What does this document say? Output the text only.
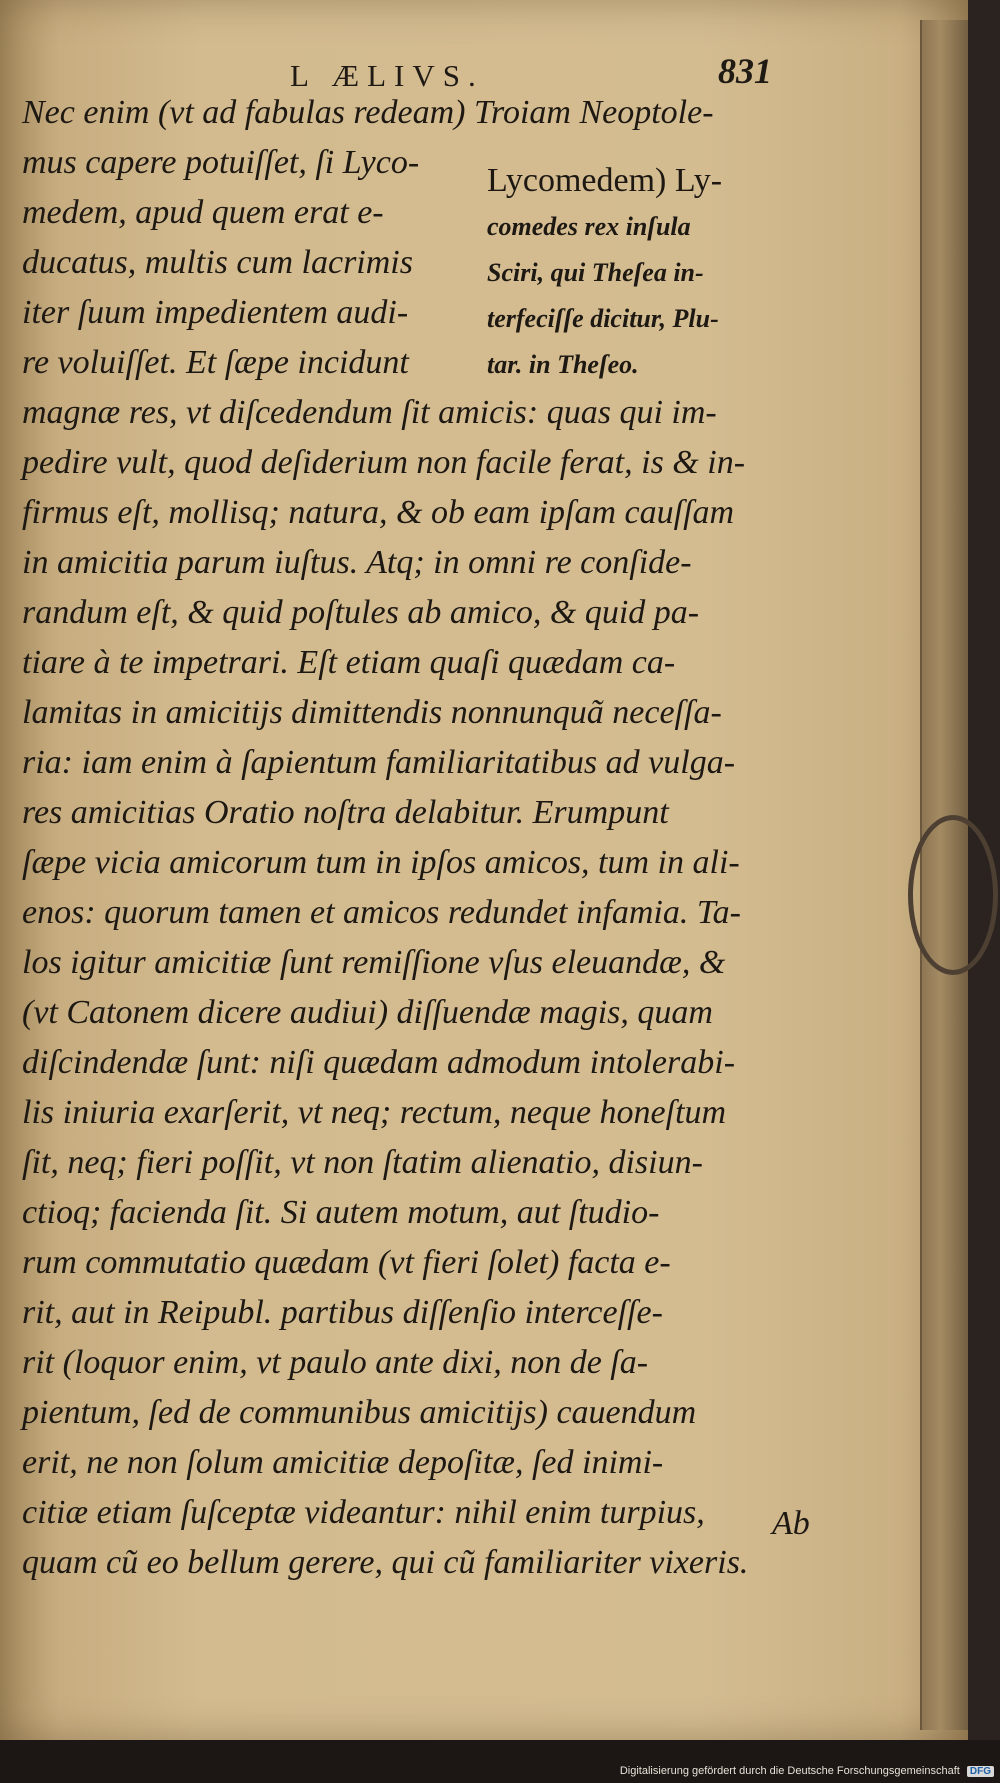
L ÆLIVS.	831
Nec enim (vt ad fabulas redeam) Troiam Neoptole-
mus capere potuiſſet, ſi Lyco-
medem, apud quem erat e-
ducatus, multis cum lacrimis
iter ſuum impedientem audi-
re voluiſſet. Et ſæpe incidunt
magnæ res, vt diſcedendum ſit amicis: quas qui im-
pedire vult, quod deſiderium non facile ferat, is & in-
firmus eſt, mollisq; natura, & ob eam ipſam cauſſam
in amicitia parum iuſtus. Atq; in omni re conſide-
randum eſt, & quid poſtules ab amico, & quid pa-
tiare à te impetrari. Eſt etiam quaſi quædam ca-
lamitas in amicitijs dimittendis nonnunquã neceſſa-
ria: iam enim à ſapientum familiaritatibus ad vulga-
res amicitias Oratio noſtra delabitur. Erumpunt
ſæpe vicia amicorum tum in ipſos amicos, tum in ali-
enos: quorum tamen et amicos redundet infamia. Ta-
los igitur amicitiæ ſunt remiſſione vſus eleuandæ, &
(vt Catonem dicere audiui) diſſuendæ magis, quam
diſcindendæ ſunt: niſi quædam admodum intolerabi-
lis iniuria exarſerit, vt neq; rectum, neque honeſtum
ſit, neq; fieri poſſit, vt non ſtatim alienatio, disiun-
ctioq; facienda ſit. Si autem motum, aut ſtudio-
rum commutatio quædam (vt fieri ſolet) facta e-
rit, aut in Reipubl. partibus diſſenſio interceſſe-
rit (loquor enim, vt paulo ante dixi, non de ſa-
pientum, ſed de communibus amicitijs) cauendum
erit, ne non ſolum amicitiæ depoſitæ, ſed inimi-
citiæ etiam ſuſceptæ videantur: nihil enim turpius,
quam cũ eo bellum gerere, qui cũ familiariter vixeris.
Lycomedem) Ly-
comedes rex inſula
Sciri, qui Theſea in-
terfeciſſe dicitur, Plu-
tar. in Theſeo.
Ab
Digitalisierung gefördert durch die Deutsche Forschungsgemeinschaft DFG
